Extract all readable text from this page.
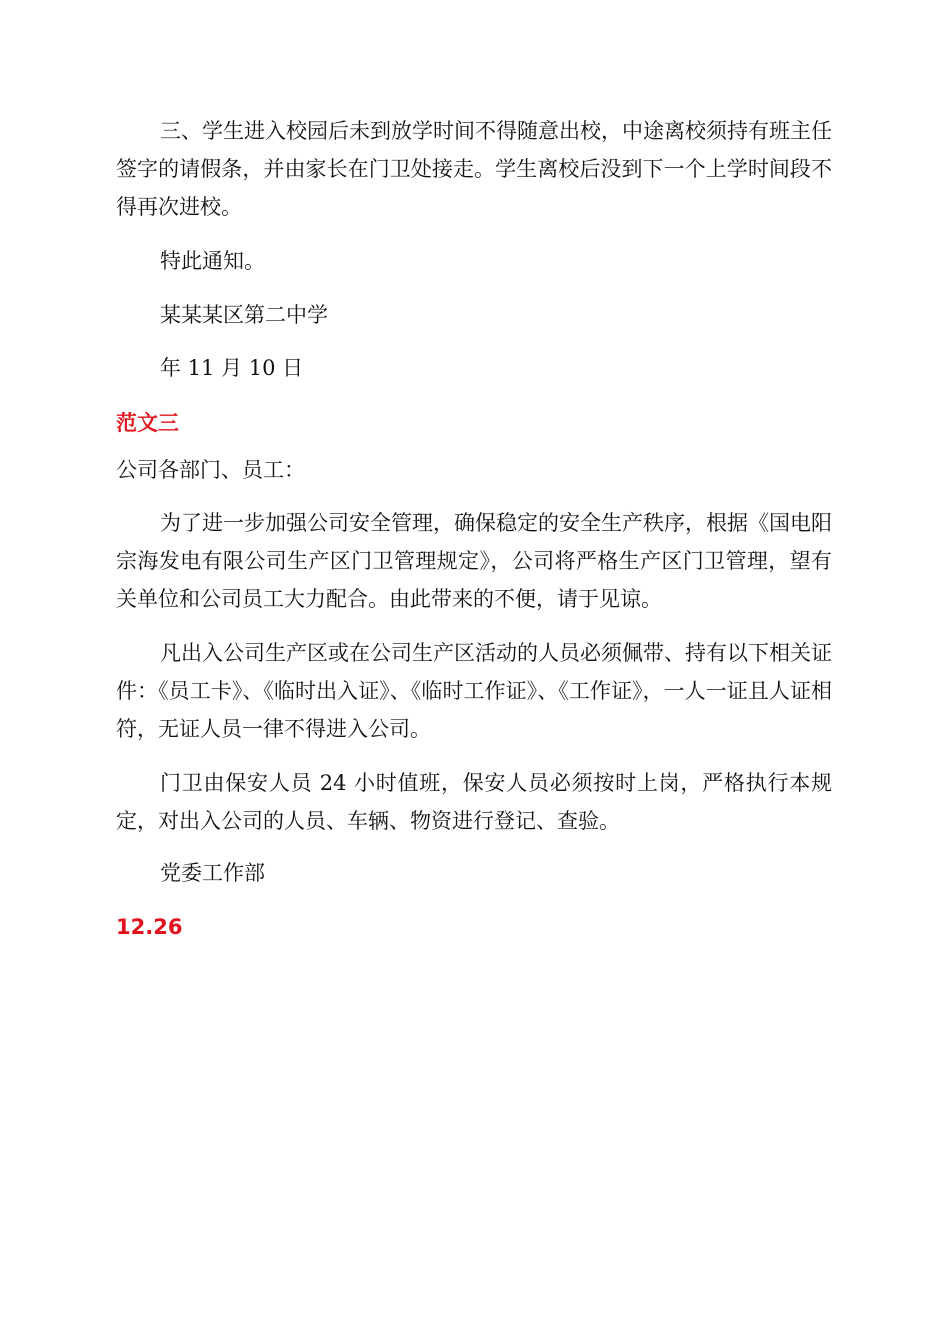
三、学生进入校园后未到放学时间不得随意出校，中途离校须持有班主任签字的请假条，并由家长在门卫处接走。学生离校后没到下一个上学时间段不得再次进校。

特此通知。

某某某区第二中学

年 11 月 10 日

范文三

公司各部门、员工：

为了进一步加强公司安全管理，确保稳定的安全生产秩序，根据《国电阳宗海发电有限公司生产区门卫管理规定》，公司将严格生产区门卫管理，望有关单位和公司员工大力配合。由此带来的不便，请于见谅。

凡出入公司生产区或在公司生产区活动的人员必须佩带、持有以下相关证件：《员工卡》、《临时出入证》、《临时工作证》、《工作证》，一人一证且人证相符，无证人员一律不得进入公司。

门卫由保安人员 24 小时值班，保安人员必须按时上岗，严格执行本规定，对出入公司的人员、车辆、物资进行登记、查验。

党委工作部

12.26
